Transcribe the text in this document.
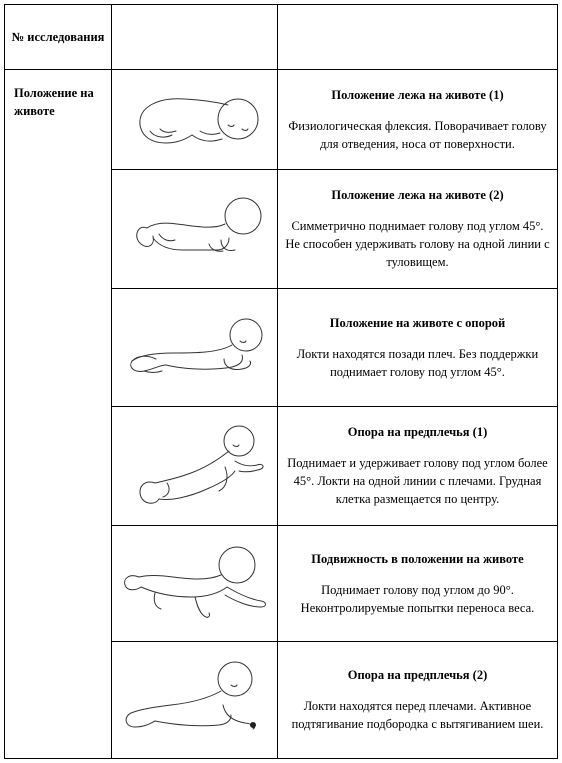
№ исследования		
Положение на животе		Положение лежа на животе (1)
Физиологическая флексия. Поворачивает голову для отведения, носа от поверхности.

Положение лежа на животе (2)
Симметрично поднимает голову под углом 45°. Не способен удерживать голову на одной линии с туловищем.

Положение на животе с опорой
Локти находятся позади плеч. Без поддержки поднимает голову под углом 45°.

Опора на предплечья (1)
Поднимает и удерживает голову под углом более 45°. Локти на одной линии с плечами. Грудная клетка размещается по центру.

Подвижность в положении на животе
Поднимает голову под углом до 90°. Неконтролируемые попытки переноса веса.

Опора на предплечья (2)
Локти находятся перед плечами. Активное подтягивание подбородка с вытягиванием шеи.
